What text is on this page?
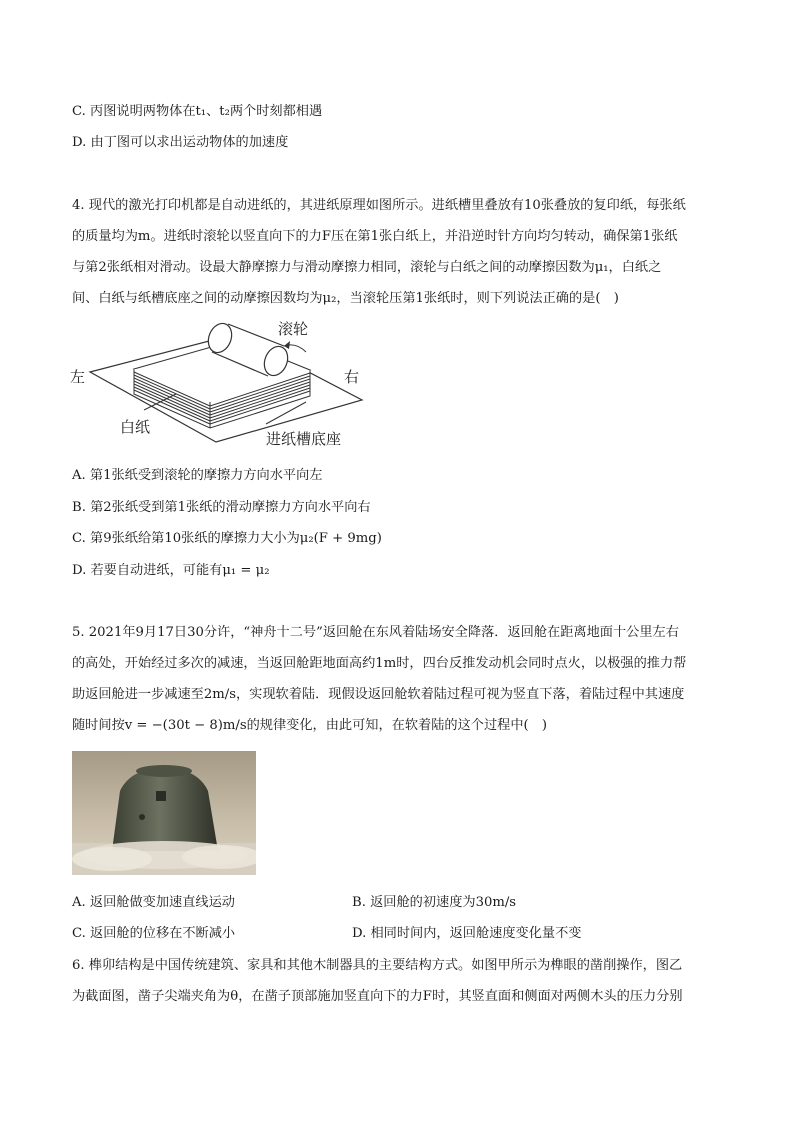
C. 丙图说明两物体在t₁、t₂两个时刻都相遇
D. 由丁图可以求出运动物体的加速度
4. 现代的激光打印机都是自动进纸的，其进纸原理如图所示。进纸槽里叠放有10张叠放的复印纸，每张纸
的质量均为m。进纸时滚轮以竖直向下的力F压在第1张白纸上，并沿逆时针方向均匀转动，确保第1张纸
与第2张纸相对滑动。设最大静摩擦力与滑动摩擦力相同，滚轮与白纸之间的动摩擦因数为μ₁，白纸之
间、白纸与纸槽底座之间的动摩擦因数均为μ₂，当滚轮压第1张纸时，则下列说法正确的是(　)
滚轮
左	右
白纸
进纸槽底座
A. 第1张纸受到滚轮的摩擦力方向水平向左
B. 第2张纸受到第1张纸的滑动摩擦力方向水平向右
C. 第9张纸给第10张纸的摩擦力大小为μ₂(F + 9mg)
D. 若要自动进纸，可能有μ₁ = μ₂
5. 2021年9月17日30分许，“神舟十二号”返回舱在东风着陆场安全降落．返回舱在距离地面十公里左右
的高处，开始经过多次的减速，当返回舱距地面高约1m时，四台反推发动机会同时点火，以极强的推力帮
助返回舱进一步减速至2m/s，实现软着陆．现假设返回舱软着陆过程可视为竖直下落，着陆过程中其速度
随时间按v = −(30t − 8)m/s的规律变化，由此可知，在软着陆的这个过程中(　)
A. 返回舱做变加速直线运动	B. 返回舱的初速度为30m/s
C. 返回舱的位移在不断减小	D. 相同时间内，返回舱速度变化量不变
6. 榫卯结构是中国传统建筑、家具和其他木制器具的主要结构方式。如图甲所示为榫眼的凿削操作，图乙
为截面图，凿子尖端夹角为θ，在凿子顶部施加竖直向下的力F时，其竖直面和侧面对两侧木头的压力分别
